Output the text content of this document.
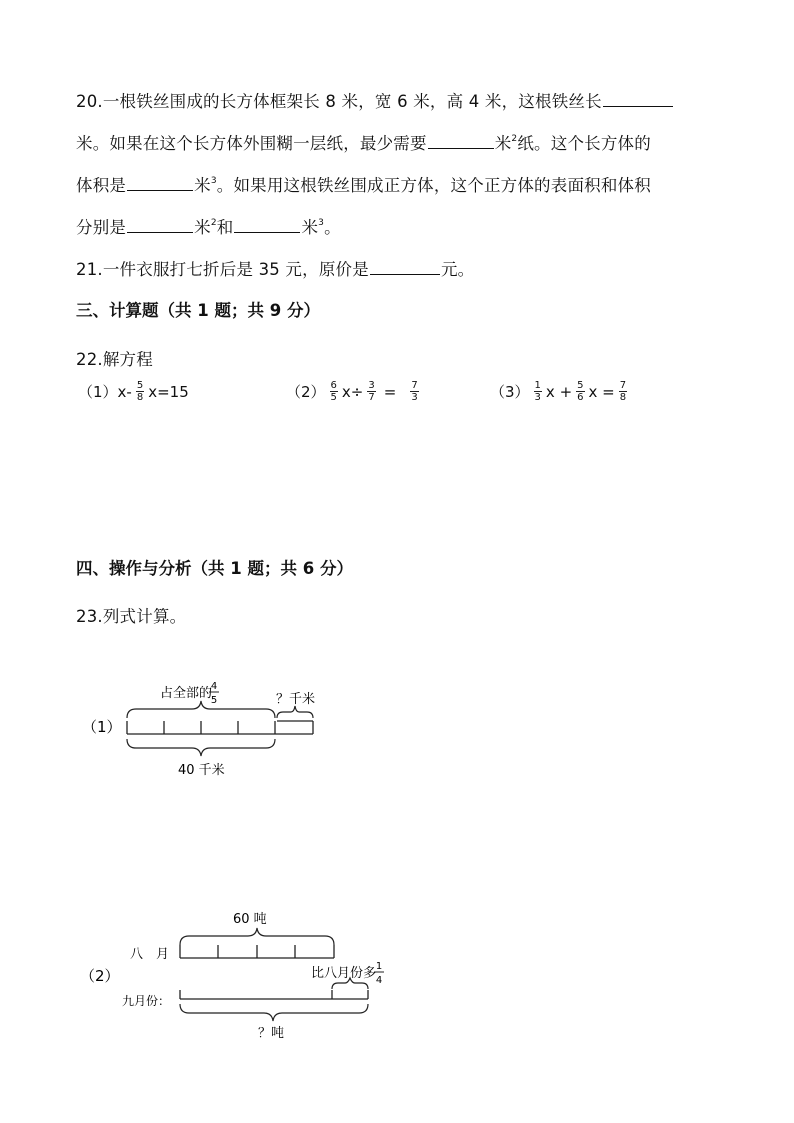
20.一根铁丝围成的长方体框架长 8 米，宽 6 米，高 4 米，这根铁丝长
米。如果在这个长方体外围糊一层纸，最少需要	米$^2$纸。这个长方体的
体积是	米$^3$。如果用这根铁丝围成正方体，这个正方体的表面积和体积
分别是	米$^2$和	米$^3$。
21.一件衣服打七折后是 35 元，原价是	元。
三、计算题（共 1 题；共 9 分）
22.解方程
$(1)x- \frac{5}{8} x=15$	$(2) \frac{6}{5} x\div \frac{3}{7} = \frac{7}{3}$	$(3) \frac{1}{3}$ $x + \frac{5}{6}$ $x = \frac{7}{8}$
四、操作与分析（共 1 题；共 6 分）
23.列式计算。
（1）
占全部的
4
5	？千米
40 千米
（2）
60 吨
八　月
比八月份多 1
4
九月份：
？吨
